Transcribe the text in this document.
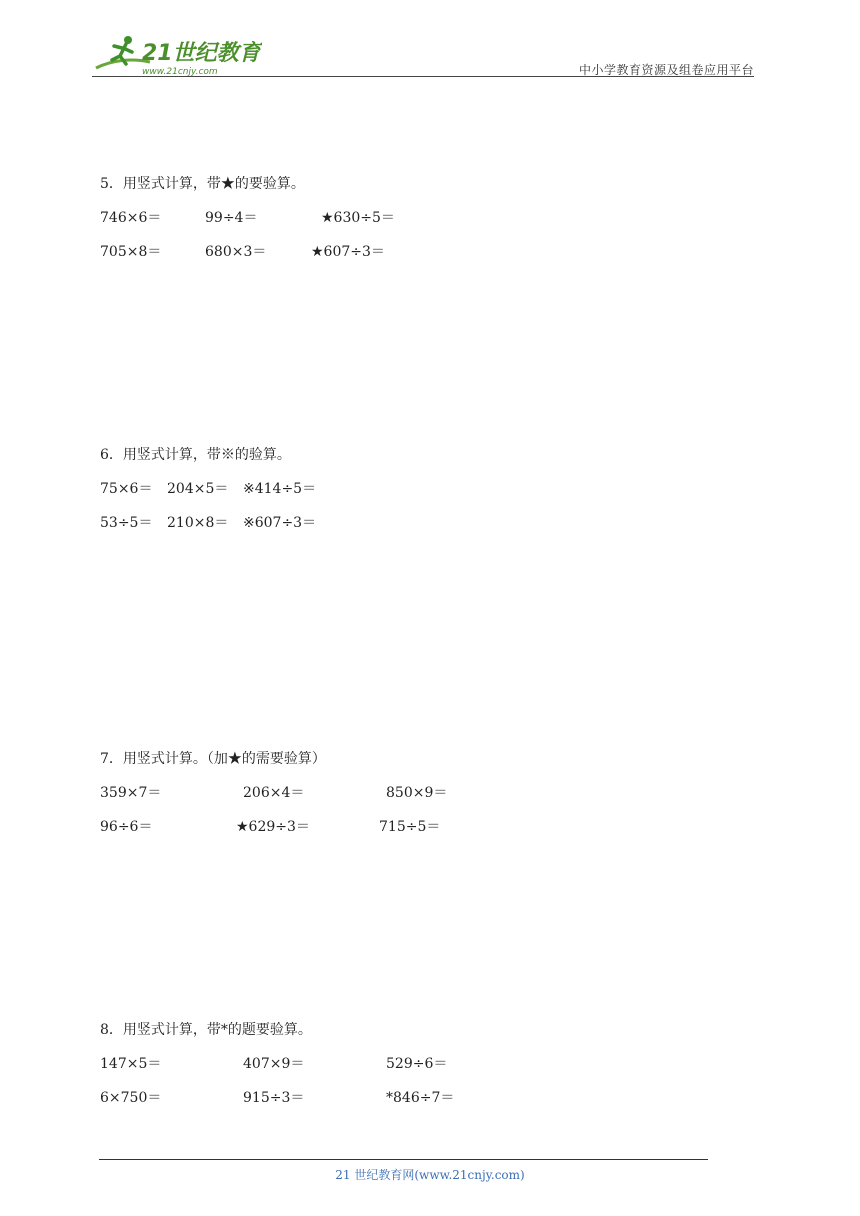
21世纪教育
www.21cnjy.com	中小学教育资源及组卷应用平台
5．用竖式计算，带★的要验算。
746×6＝	99÷4＝	★630÷5＝
705×8＝	680×3＝	★607÷3＝
6．用竖式计算，带※的验算。
75×6＝ 204×5＝ ※414÷5＝
53÷5＝ 210×8＝ ※607÷3＝
7．用竖式计算。（加★的需要验算）
359×7＝	206×4＝	850×9＝
96÷6＝	★629÷3＝	715÷5＝
8．用竖式计算，带*的题要验算。
147×5＝	407×9＝	529÷6＝
6×750＝	915÷3＝	*846÷7＝
21 世纪教育网(www.21cnjy.com)
